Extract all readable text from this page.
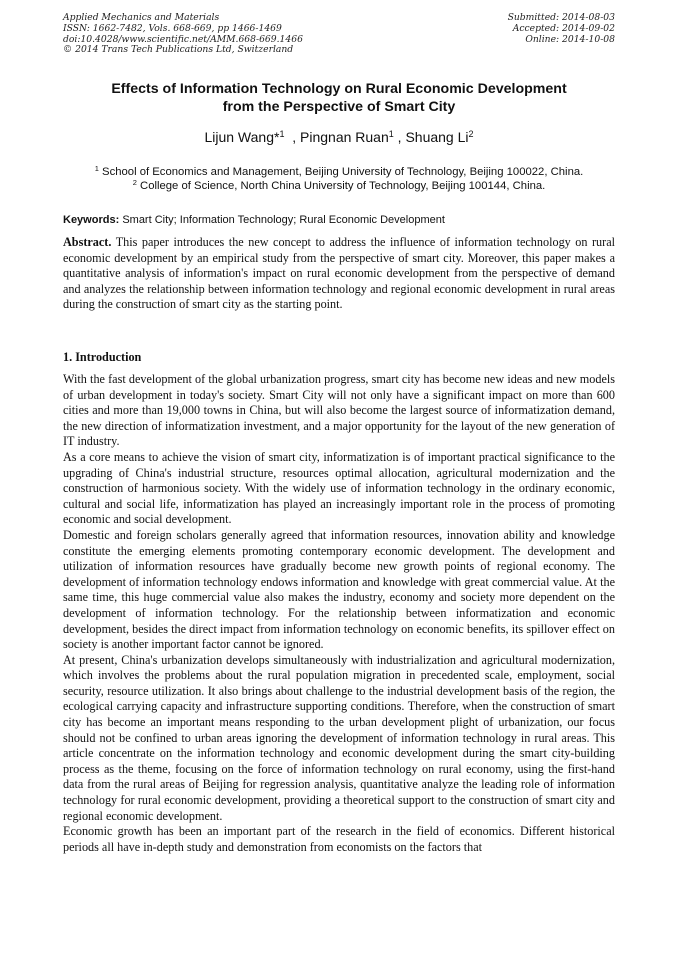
Applied Mechanics and Materials
ISSN: 1662-7482, Vols. 668-669, pp 1466-1469
doi:10.4028/www.scientific.net/AMM.668-669.1466
© 2014 Trans Tech Publications Ltd, Switzerland
Submitted: 2014-08-03
Accepted: 2014-09-02
Online: 2014-10-08
Effects of Information Technology on Rural Economic Development
from the Perspective of Smart City
Lijun Wang*$^1$  , Pingnan Ruan$^1$ , Shuang Li$^2$
$^1$ School of Economics and Management, Beijing University of Technology, Beijing 100022, China.
$^2$ College of Science, North China University of Technology, Beijing 100144, China.
Keywords: Smart City; Information Technology; Rural Economic Development
Abstract. This paper introduces the new concept to address the influence of information technology on rural economic development by an empirical study from the perspective of smart city. Moreover, this paper makes a quantitative analysis of information's impact on rural economic development from the perspective of demand and analyzes the relationship between information technology and regional economic development in rural areas during the construction of smart city as the starting point.
1. Introduction

With the fast development of the global urbanization progress, smart city has become new ideas and new models of urban development in today's society. Smart City will not only have a significant impact on more than 600 cities and more than 19,000 towns in China, but will also become the largest source of informatization demand, the new direction of informatization investment, and a major opportunity for the layout of the new generation of IT industry.

As a core means to achieve the vision of smart city, informatization is of important practical significance to the upgrading of China's industrial structure, resources optimal allocation, agricultural modernization and the construction of harmonious society. With the widely use of information technology in the ordinary economic, cultural and social life, informatization has played an increasingly important role in the process of promoting economic and social development.

Domestic and foreign scholars generally agreed that information resources, innovation ability and knowledge constitute the emerging elements promoting contemporary economic development. The development and utilization of information resources have gradually become new growth points of regional economy. The development of information technology endows information and knowledge with great commercial value. At the same time, this huge commercial value also makes the industry, economy and society more dependent on the development of information technology. For the relationship between informatization and economic development, besides the direct impact from information technology on economic benefits, its spillover effect on society is another important factor cannot be ignored.

At present, China's urbanization develops simultaneously with industrialization and agricultural modernization, which involves the problems about the rural population migration in precedented scale, employment, social security, resource utilization. It also brings about challenge to the industrial development basis of the region, the ecological carrying capacity and infrastructure supporting conditions. Therefore, when the construction of smart city has become an important means responding to the urban development plight of urbanization, our focus should not be confined to urban areas ignoring the development of information technology in rural areas. This article concentrate on the information technology and economic development during the smart city-building process as the theme, focusing on the force of information technology on rural economy, using the first-hand data from the rural areas of Beijing for regression analysis, quantitative analyze the leading role of information technology for rural economic development, providing a theoretical support to the construction of smart city and regional economic development.

Economic growth has been an important part of the research in the field of economics. Different historical periods all have in-depth study and demonstration from economists on the factors that
